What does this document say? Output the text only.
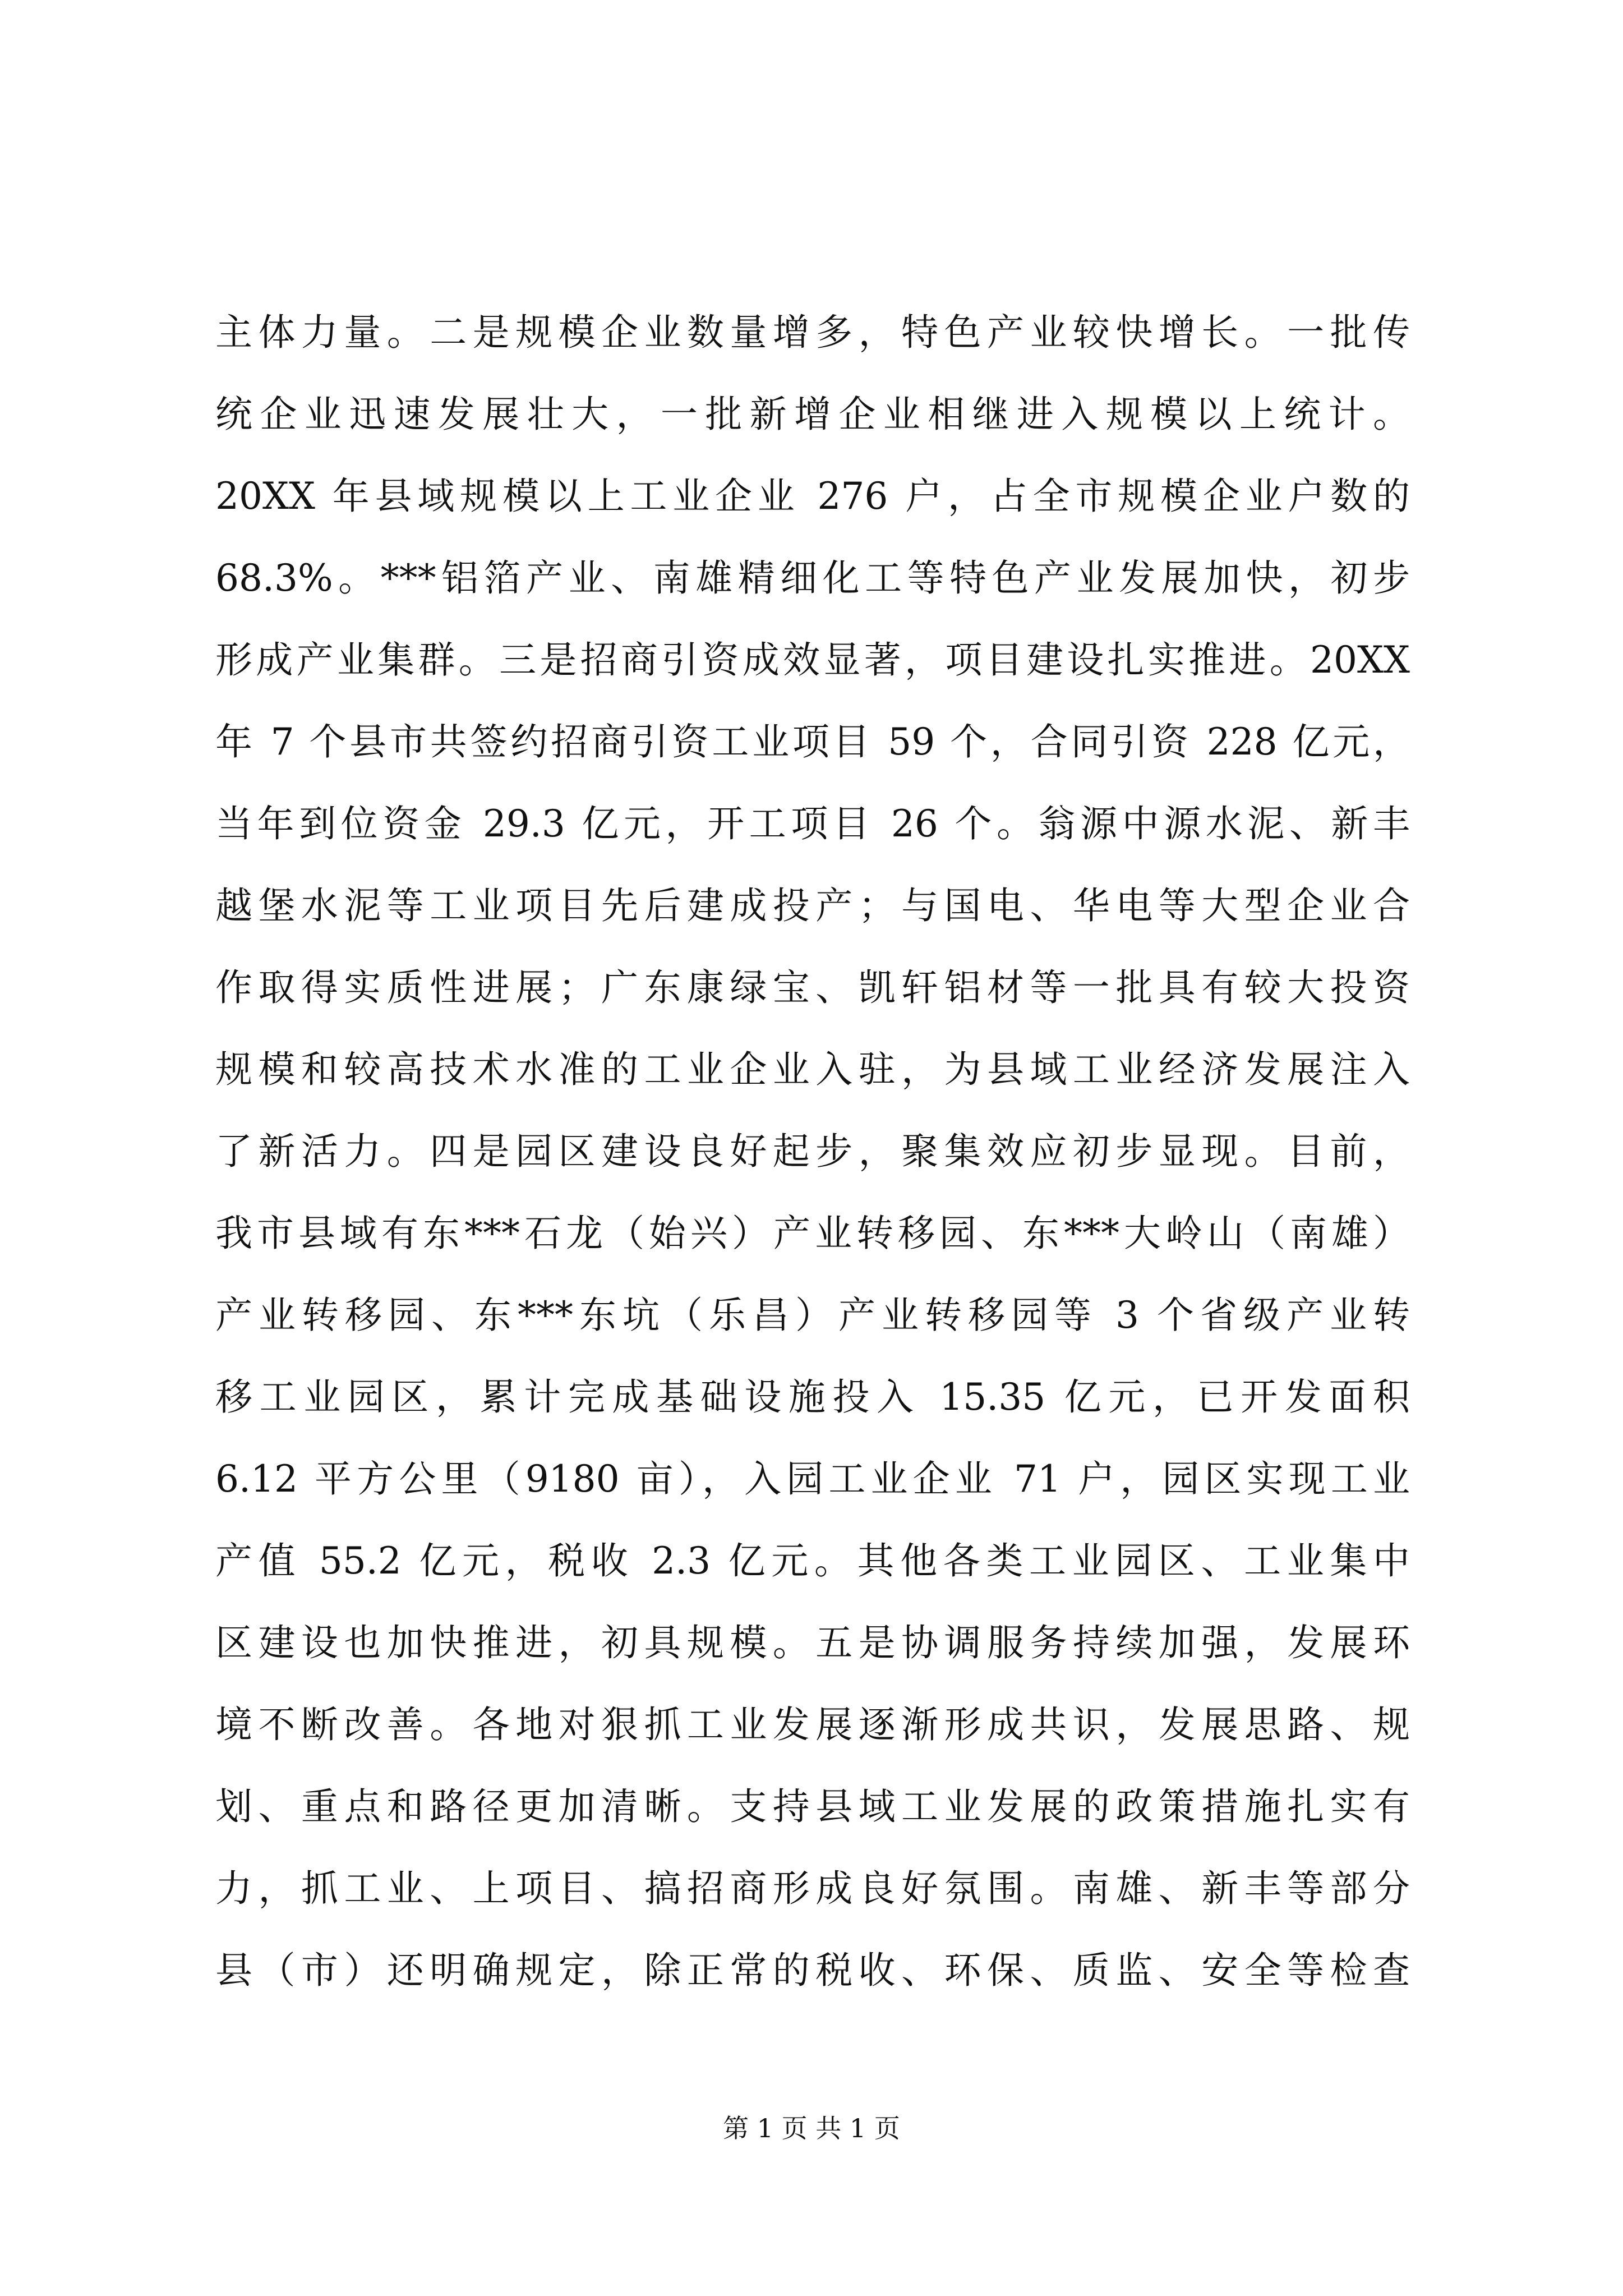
主体力量。二是规模企业数量增多，特色产业较快增长。一批传
统企业迅速发展壮大，一批新增企业相继进入规模以上统计。
20XX 年县域规模以上工业企业 276 户，占全市规模企业户数的
68.3%。***铝箔产业、南雄精细化工等特色产业发展加快，初步
形成产业集群。三是招商引资成效显著，项目建设扎实推进。20XX
年 7 个县市共签约招商引资工业项目 59 个，合同引资 228 亿元，
当年到位资金 29.3 亿元，开工项目 26 个。翁源中源水泥、新丰
越堡水泥等工业项目先后建成投产；与国电、华电等大型企业合
作取得实质性进展；广东康绿宝、凯轩铝材等一批具有较大投资
规模和较高技术水准的工业企业入驻，为县域工业经济发展注入
了新活力。四是园区建设良好起步，聚集效应初步显现。目前，
我市县域有东***石龙（始兴）产业转移园、东***大岭山（南雄）
产业转移园、东***东坑（乐昌）产业转移园等 3 个省级产业转
移工业园区，累计完成基础设施投入 15.35 亿元，已开发面积
6.12 平方公里（9180 亩），入园工业企业 71 户，园区实现工业
产值 55.2 亿元，税收 2.3 亿元。其他各类工业园区、工业集中
区建设也加快推进，初具规模。五是协调服务持续加强，发展环
境不断改善。各地对狠抓工业发展逐渐形成共识，发展思路、规
划、重点和路径更加清晰。支持县域工业发展的政策措施扎实有
力，抓工业、上项目、搞招商形成良好氛围。南雄、新丰等部分
县（市）还明确规定，除正常的税收、环保、质监、安全等检查
第 1 页 共 1 页
